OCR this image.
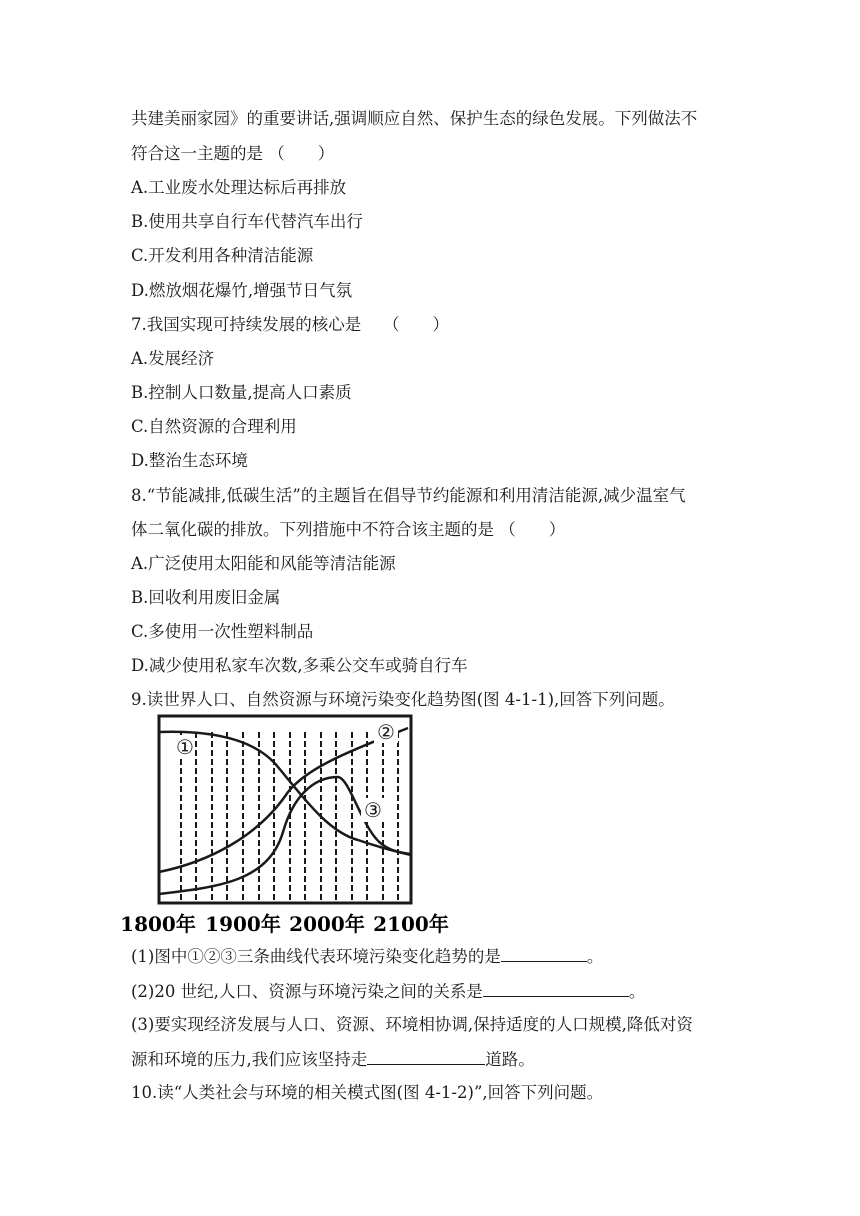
共建美丽家园》的重要讲话,强调顺应自然、保护生态的绿色发展。下列做法不
符合这一主题的是 （　　）
A.工业废水处理达标后再排放
B.使用共享自行车代替汽车出行
C.开发利用各种清洁能源
D.燃放烟花爆竹,增强节日气氛
7.我国实现可持续发展的核心是　 （　　）
A.发展经济
B.控制人口数量,提高人口素质
C.自然资源的合理利用
D.整治生态环境
8.“节能减排,低碳生活”的主题旨在倡导节约能源和利用清洁能源,减少温室气
体二氧化碳的排放。下列措施中不符合该主题的是 （　　）
A.广泛使用太阳能和风能等清洁能源
B.回收利用废旧金属
C.多使用一次性塑料制品
D.减少使用私家车次数,多乘公交车或骑自行车
9.读世界人口、自然资源与环境污染变化趋势图(图 4-1-1),回答下列问题。
①
②
③
1800年 1900年 2000年 2100年
(1)图中①②③三条曲线代表环境污染变化趋势的是	。
(2)20 世纪,人口、资源与环境污染之间的关系是	。
(3)要实现经济发展与人口、资源、环境相协调,保持适度的人口规模,降低对资
源和环境的压力,我们应该坚持走	道路。
10.读“人类社会与环境的相关模式图(图 4-1-2)”,回答下列问题。
